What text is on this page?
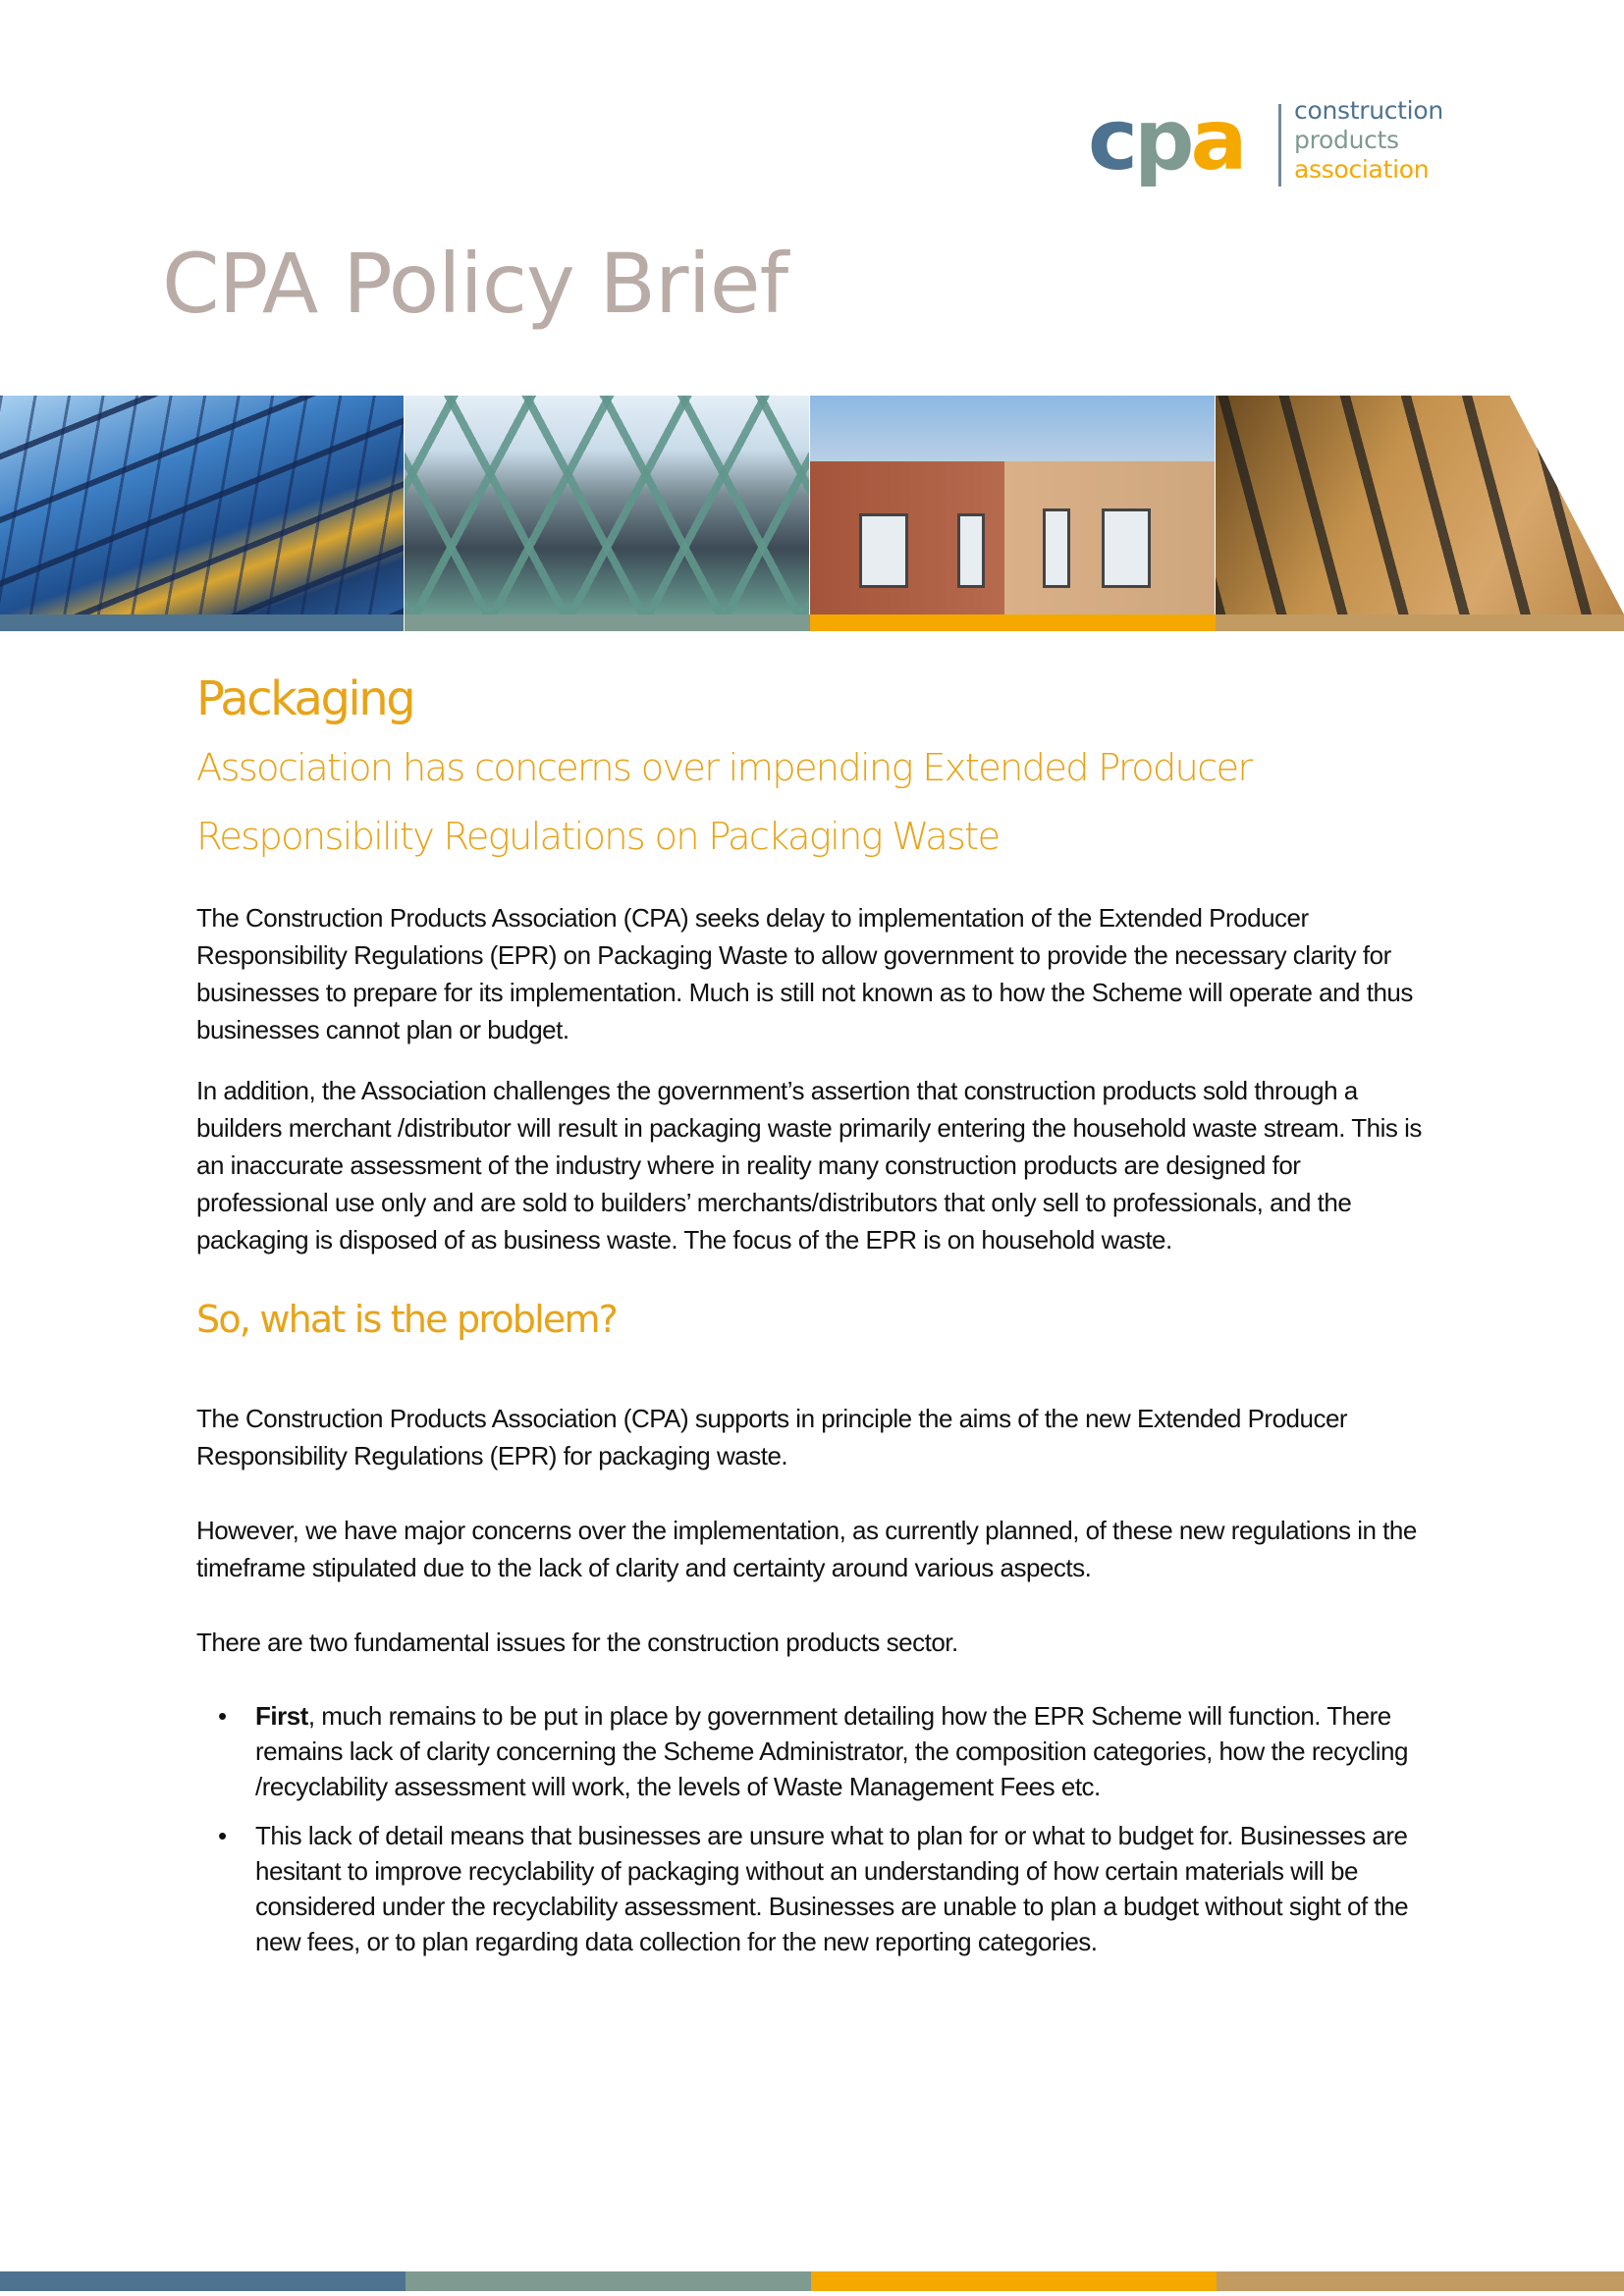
cpa construction
products
association
CPA Policy Brief
Packaging
Association has concerns over impending Extended Producer Responsibility Regulations on Packaging Waste

The Construction Products Association (CPA) seeks delay to implementation of the Extended Producer Responsibility Regulations (EPR) on Packaging Waste to allow government to provide the necessary clarity for businesses to prepare for its implementation. Much is still not known as to how the Scheme will operate and thus businesses cannot plan or budget.

In addition, the Association challenges the government’s assertion that construction products sold through a builders merchant /distributor will result in packaging waste primarily entering the household waste stream. This is an inaccurate assessment of the industry where in reality many construction products are designed for professional use only and are sold to builders’ merchants/distributors that only sell to professionals, and the packaging is disposed of as business waste. The focus of the EPR is on household waste.

So, what is the problem?

The Construction Products Association (CPA) supports in principle the aims of the new Extended Producer Responsibility Regulations (EPR) for packaging waste.

However, we have major concerns over the implementation, as currently planned, of these new regulations in the timeframe stipulated due to the lack of clarity and certainty around various aspects.

There are two fundamental issues for the construction products sector.

• First, much remains to be put in place by government detailing how the EPR Scheme will function. There remains lack of clarity concerning the Scheme Administrator, the composition categories, how the recycling /recyclability assessment will work, the levels of Waste Management Fees etc.
• This lack of detail means that businesses are unsure what to plan for or what to budget for. Businesses are hesitant to improve recyclability of packaging without an understanding of how certain materials will be considered under the recyclability assessment. Businesses are unable to plan a budget without sight of the new fees, or to plan regarding data collection for the new reporting categories.
